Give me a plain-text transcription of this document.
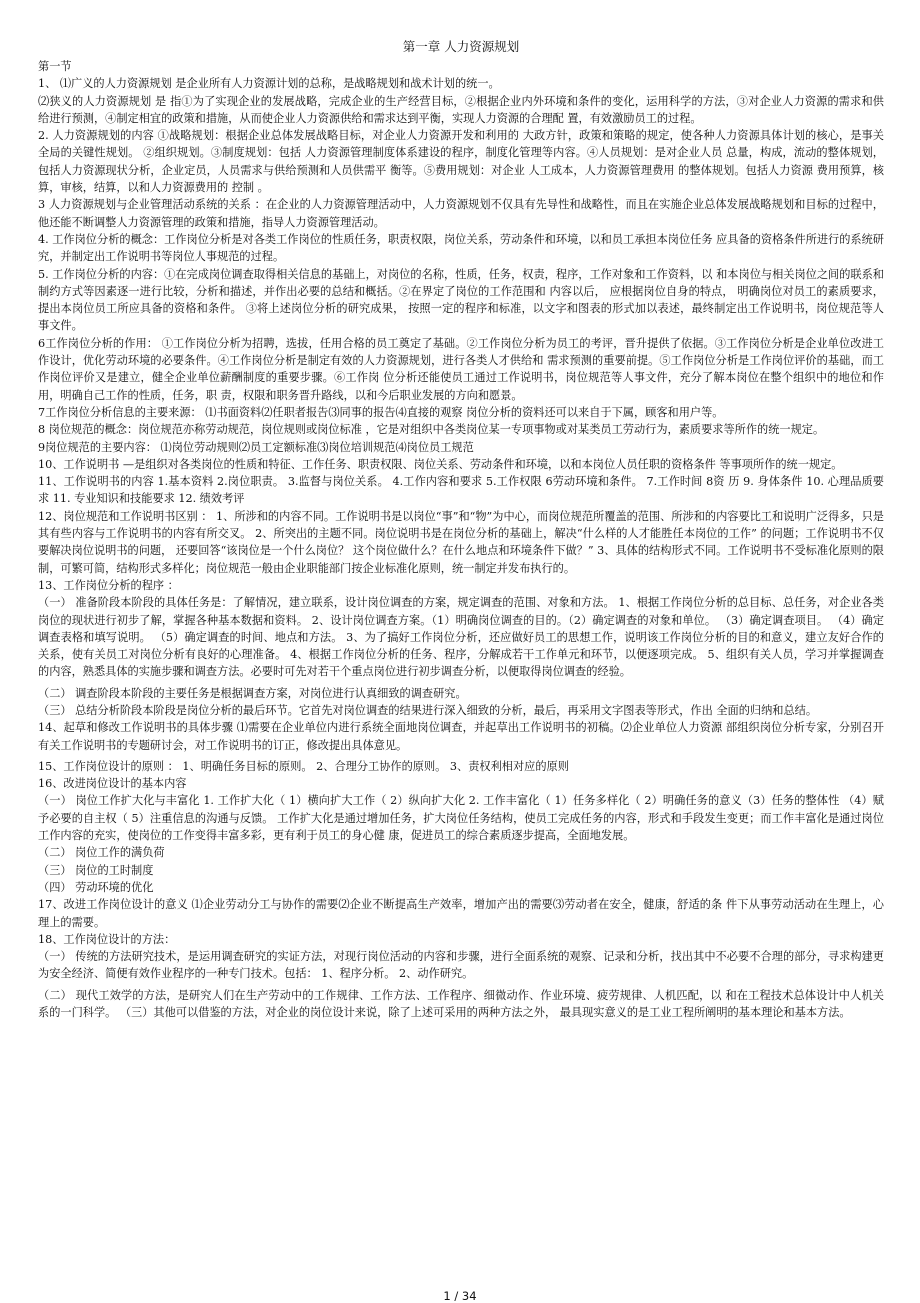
第一章 人力资源规划

第一节

1、 ⑴广义的人力资源规划 是企业所有人力资源计划的总称，是战略规划和战术计划的统一。

⑵狭义的人力资源规划 是 指①为了实现企业的发展战略，完成企业的生产经营目标，②根据企业内外环境和条件的变化，运用科学的方法，③对企业人力资源的需求和供给进行预测，④制定相宜的政策和措施，从而使企业人力资源供给和需求达到平衡，实现人力资源的合理配 置，有效激励员工的过程。

2. 人力资源规划的内容 ①战略规划：根据企业总体发展战略目标，对企业人力资源开发和利用的 大政方针，政策和策略的规定，使各种人力资源具体计划的核心，是事关全局的关键性规划。 ②组织规划。③制度规划：包括 人力资源管理制度体系建设的程序，制度化管理等内容。④人员规划：是对企业人员 总量，构成，流动的整体规划，包括人力资源现状分析，企业定员，人员需求与供给预测和人员供需平 衡等。⑤费用规划：对企业 人工成本，人力资源管理费用 的整体规划。包括人力资源 费用预算，核算，审核，结算，以和人力资源费用的 控制 。

3 人力资源规划与企业管理活动系统的关系 ：在企业的人力资源管理活动中，人力资源规划不仅具有先导性和战略性，而且在实施企业总体发展战略规划和目标的过程中，他还能不断调整人力资源管理的政策和措施，指导人力资源管理活动。

4. 工作岗位分析的概念：工作岗位分析是对各类工作岗位的性质任务，职责权限，岗位关系，劳动条件和环境，以和员工承担本岗位任务 应具备的资格条件所进行的系统研究，并制定出工作说明书等岗位人事规范的过程。

5. 工作岗位分析的内容：①在完成岗位调查取得相关信息的基础上，对岗位的名称，性质，任务，权责，程序，工作对象和工作资料，以 和本岗位与相关岗位之间的联系和制约方式等因素逐一进行比较，分析和描述，并作出必要的总结和概括。②在界定了岗位的工作范围和 内容以后， 应根据岗位自身的特点， 明确岗位对员工的素质要求， 提出本岗位员工所应具备的资格和条件。 ③将上述岗位分析的研究成果， 按照一定的程序和标准，以文字和图表的形式加以表述，最终制定出工作说明书，岗位规范等人事文件。

6工作岗位分析的作用： ①工作岗位分析为招聘，选拔，任用合格的员工奠定了基础。②工作岗位分析为员工的考评，晋升提供了依据。③工作岗位分析是企业单位改进工作设计，优化劳动环境的必要条件。④工作岗位分析是制定有效的人力资源规划，进行各类人才供给和 需求预测的重要前提。⑤工作岗位分析是工作岗位评价的基础，而工作岗位评价又是建立，健全企业单位薪酬制度的重要步骤。⑥工作岗 位分析还能使员工通过工作说明书，岗位规范等人事文件，充分了解本岗位在整个组织中的地位和作用，明确自己工作的性质，任务，职 责，权限和职务晋升路线，以和今后职业发展的方向和愿景。

7工作岗位分析信息的主要来源： ⑴书面资料⑵任职者报告⑶同事的报告⑷直接的观察 岗位分析的资料还可以来自于下属，顾客和用户等。

8 岗位规范的概念：岗位规范亦称劳动规范，岗位规则或岗位标准 ，它是对组织中各类岗位某一专项事物或对某类员工劳动行为，素质要求等所作的统一规定。

9岗位规范的主要内容： ⑴岗位劳动规则⑵员工定额标准⑶岗位培训规范⑷岗位员工规范

10、工作说明书 —是组织对各类岗位的性质和特征、工作任务、职责权限、岗位关系、劳动条件和环境，以和本岗位人员任职的资格条件 等事项所作的统一规定。

11、工作说明书的内容 1.基本资料 2.岗位职责。 3.监督与岗位关系。 4.工作内容和要求 5.工作权限 6劳动环境和条件。 7.工作时间 8资 历 9. 身体条件 10. 心理品质要求 11. 专业知识和技能要求 12. 绩效考评

12、岗位规范和工作说明书区别 ： 1、所涉和的内容不同。工作说明书是以岗位“事”和“物”为中心，而岗位规范所覆盖的范围、所涉和的内容要比工和说明广泛得多，只是其有些内容与工作说明书的内容有所交叉。 2、所突出的主题不同。岗位说明书是在岗位分析的基础上，解决“什么样的人才能胜任本岗位的工作” 的问题；工作说明书不仅要解决岗位说明书的问题， 还要回答“该岗位是一个什么岗位？ 这个岗位做什么？在什么地点和环境条件下做？” 3、具体的结构形式不同。工作说明书不受标准化原则的限制，可繁可简，结构形式多样化；岗位规范一般由企业职能部门按企业标准化原则，统一制定并发布执行的。

13、工作岗位分析的程序 ：

（一） 准备阶段本阶段的具体任务是：了解情况，建立联系，设计岗位调查的方案，规定调查的范围、对象和方法。 1、根据工作岗位分析的总目标、总任务，对企业各类岗位的现状进行初步了解，掌握各种基本数据和资料。 2、设计岗位调查方案。（1）明确岗位调查的目的。（2）确定调查的对象和单位。 （3）确定调查项目。 （4）确定调查表格和填写说明。 （5）确定调查的时间、地点和方法。 3、为了搞好工作岗位分析，还应做好员工的思想工作，说明该工作岗位分析的目的和意义，建立友好合作的关系，使有关员工对岗位分析有良好的心理准备。 4、根据工作岗位分析的任务、程序，分解成若干工作单元和环节，以便逐项完成。 5、组织有关人员，学习并掌握调查的内容，熟悉具体的实施步骤和调查方法。必要时可先对若干个重点岗位进行初步调查分析，以便取得岗位调查的经验。

（二） 调查阶段本阶段的主要任务是根据调查方案，对岗位进行认真细致的调查研究。

（三） 总结分析阶段本阶段是岗位分析的最后环节。它首先对岗位调查的结果进行深入细致的分析，最后，再采用文字图表等形式，作出 全面的归纳和总结。

14、起草和修改工作说明书的具体步骤 ⑴需要在企业单位内进行系统全面地岗位调查，并起草出工作说明书的初稿。⑵企业单位人力资源 部组织岗位分析专家，分别召开有关工作说明书的专题研讨会，对工作说明书的订正，修改提出具体意见。

15、工作岗位设计的原则 ： 1、明确任务目标的原则。 2、合理分工协作的原则。 3、责权利相对应的原则

16、改进岗位设计的基本内容

（一） 岗位工作扩大化与丰富化 1. 工作扩大化（ 1）横向扩大工作（ 2）纵向扩大化 2. 工作丰富化（ 1）任务多样化（ 2）明确任务的意义（3）任务的整体性 （4）赋予必要的自主权（ 5）注重信息的沟通与反馈。 工作扩大化是通过增加任务，扩大岗位任务结构，使员工完成任务的内容，形式和手段发生变更；而工作丰富化是通过岗位工作内容的充实，使岗位的工作变得丰富多彩，更有利于员工的身心健 康，促进员工的综合素质逐步提高，全面地发展。

（二） 岗位工作的满负荷

（三） 岗位的工时制度

（四） 劳动环境的优化

17、改进工作岗位设计的意义 ⑴企业劳动分工与协作的需要⑵企业不断提高生产效率，增加产出的需要⑶劳动者在安全，健康，舒适的条 件下从事劳动活动在生理上，心理上的需要。

18、工作岗位设计的方法：

（一） 传统的方法研究技术，是运用调查研究的实证方法，对现行岗位活动的内容和步骤，进行全面系统的观察、记录和分析，找出其中不必要不合理的部分，寻求构建更为安全经济、简便有效作业程序的一种专门技术。包括： 1、程序分析。 2、动作研究。

（二） 现代工效学的方法，是研究人们在生产劳动中的工作规律、工作方法、工作程序、细微动作、作业环境、疲劳规律、人机匹配，以 和在工程技术总体设计中人机关系的一门科学。 （三）其他可以借鉴的方法，对企业的岗位设计来说，除了上述可采用的两种方法之外， 最具现实意义的是工业工程所阐明的基本理论和基本方法。

1 / 34
